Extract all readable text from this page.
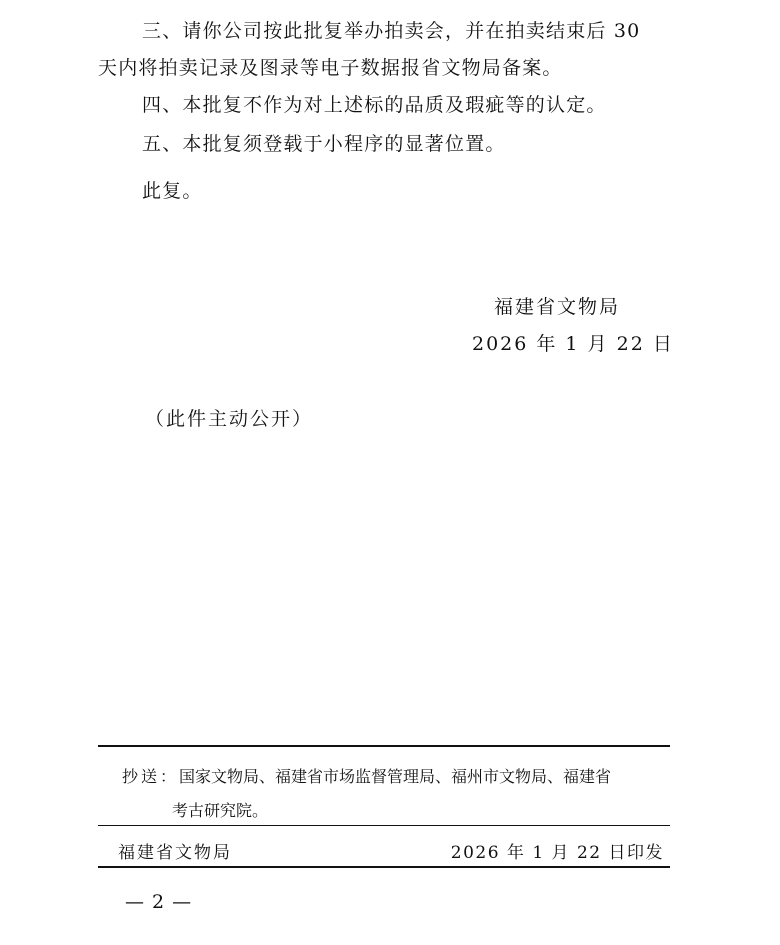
三、请你公司按此批复举办拍卖会，并在拍卖结束后 30
天内将拍卖记录及图录等电子数据报省文物局备案。
四、本批复不作为对上述标的品质及瑕疵等的认定。
五、本批复须登载于小程序的显著位置。
此复。
福建省文物局
2026 年 1 月 22 日
（此件主动公开）
抄送：国家文物局、福建省市场监督管理局、福州市文物局、福建省
考古研究院。
福建省文物局	2026 年 1 月 22 日印发
— 2 —
